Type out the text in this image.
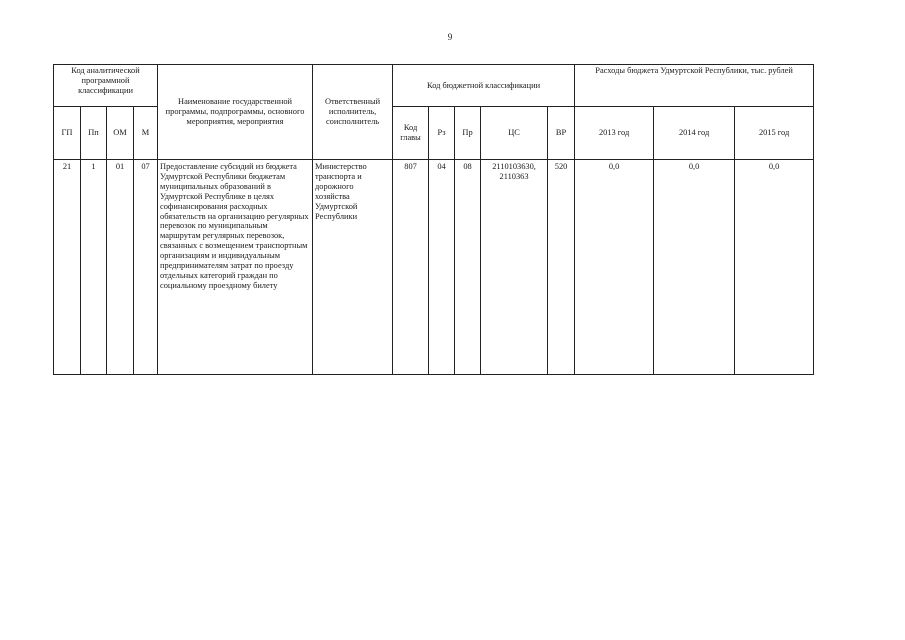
9
Код аналитической программной классификации				Наименование государственной программы, подпрограммы, основного мероприятия, мероприятия	Ответственный исполнитель, соисполнитель	Код бюджетной классификации					Расходы бюджета Удмуртской Республики, тыс. рублей		
ГП	Пп	ОМ	М			Код главы	Рз	Пр	ЦС	ВР	2013 год	2014 год	2015 год
21	1	01	07	Предоставление субсидий из бюджета Удмуртской Республики бюджетам муниципальных образований в Удмуртской Республике в целях софинансирования расходных обязательств на организацию регулярных перевозок по муниципальным маршрутам регулярных перевозок, связанных с возмещением транспортным организациям и индивидуальным предпринимателям затрат по проезду отдельных категорий граждан по социальному проездному билету	Министерство транспорта и дорожного хозяйства Удмуртской Республики	807	04	08	2110103630, 2110363	520	0,0	0,0	0,0
